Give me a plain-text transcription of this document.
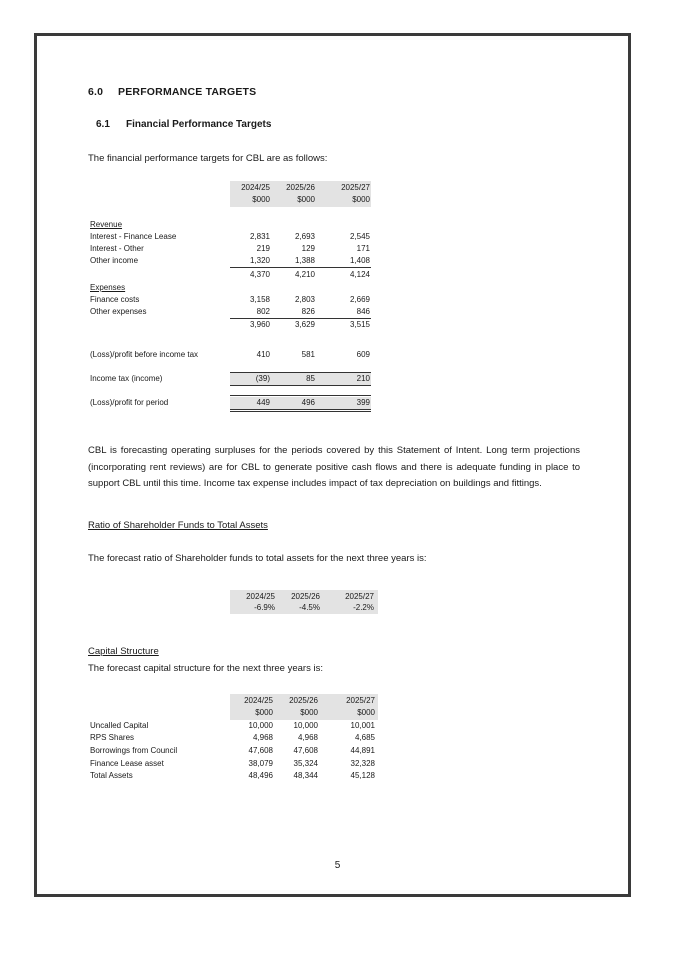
6.0 PERFORMANCE TARGETS
6.1 Financial Performance Targets
The financial performance targets for CBL are as follows:
2024/25	2025/26	2025/27
$000	$000	$000
Revenue
Interest - Finance Lease	2,831	2,693	2,545
Interest - Other	219	129	171
Other income	1,320	1,388	1,408
4,370	4,210	4,124
Expenses
Finance costs	3,158	2,803	2,669
Other expenses	802	826	846
3,960	3,629	3,515
(Loss)/profit before income tax	410	581	609
Income tax (income)	(39)	85	210
(Loss)/profit for period	449	496	399
CBL is forecasting operating surpluses for the periods covered by this Statement of Intent. Long term projections (incorporating rent reviews) are for CBL to generate positive cash flows and there is adequate funding in place to support CBL until this time. Income tax expense includes impact of tax depreciation on buildings and fittings.
Ratio of Shareholder Funds to Total Assets
The forecast ratio of Shareholder funds to total assets for the next three years is:
2024/25	2025/26	2025/27
-6.9%	-4.5%	-2.2%
Capital Structure
The forecast capital structure for the next three years is:
2024/25	2025/26	2025/27
$000	$000	$000
Uncalled Capital	10,000	10,000	10,001
RPS Shares	4,968	4,968	4,685
Borrowings from Council	47,608	47,608	44,891
Finance Lease asset	38,079	35,324	32,328
Total Assets	48,496	48,344	45,128
5
